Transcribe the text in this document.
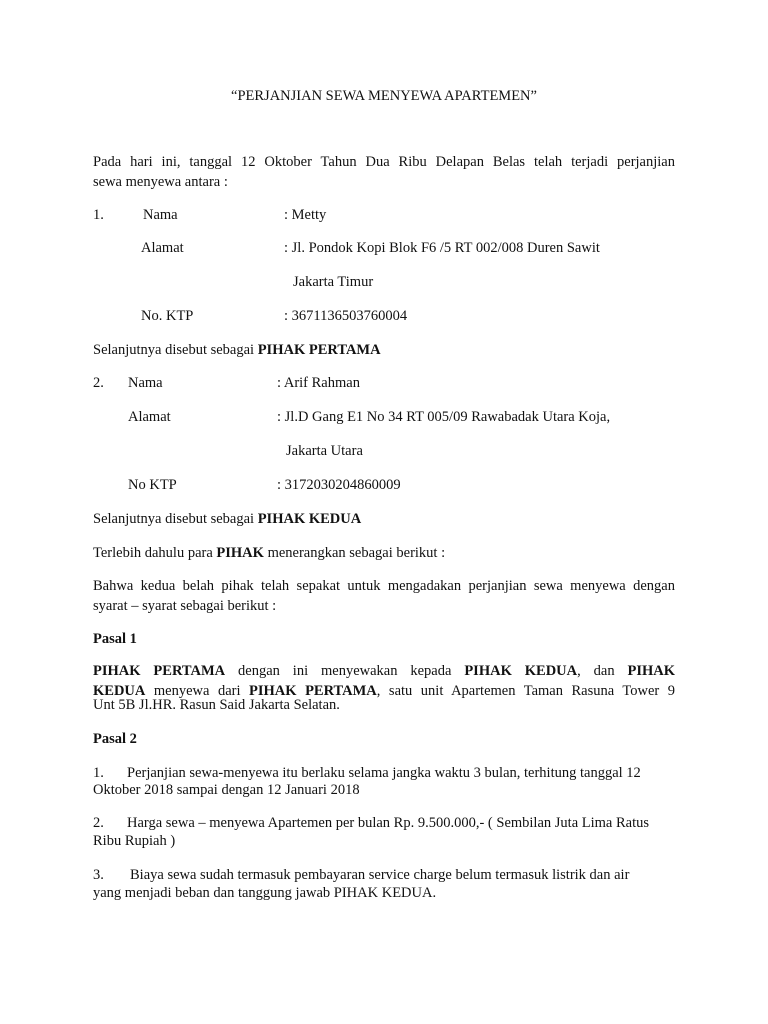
“PERJANJIAN SEWA MENYEWA APARTEMEN”
Pada hari ini, tanggal 12 Oktober Tahun Dua Ribu Delapan Belas telah terjadi perjanjian
sewa menyewa antara :
1.	Nama	: Metty
Alamat	: Jl. Pondok Kopi Blok F6 /5 RT 002/008 Duren Sawit
Jakarta Timur
No. KTP	: 3671136503760004
Selanjutnya disebut sebagai PIHAK PERTAMA
2. Nama	: Arif Rahman
Alamat	: Jl.D Gang E1 No 34 RT 005/09 Rawabadak Utara Koja,
Jakarta Utara
No KTP	: 3172030204860009
Selanjutnya disebut sebagai PIHAK KEDUA
Terlebih dahulu para PIHAK menerangkan sebagai berikut :
Bahwa kedua belah pihak telah sepakat untuk mengadakan perjanjian sewa menyewa dengan
syarat – syarat sebagai berikut :
Pasal 1
PIHAK PERTAMA dengan ini menyewakan kepada PIHAK KEDUA, dan PIHAK
KEDUA menyewa dari PIHAK PERTAMA, satu unit Apartemen Taman Rasuna Tower 9
Unt 5B Jl.HR. Rasun Said Jakarta Selatan.
Pasal 2
1. Perjanjian sewa-menyewa itu berlaku selama jangka waktu 3 bulan, terhitung tanggal 12
Oktober 2018 sampai dengan 12 Januari 2018
2. Harga sewa – menyewa Apartemen per bulan Rp. 9.500.000,- ( Sembilan Juta Lima Ratus
Ribu Rupiah )
3. Biaya sewa sudah termasuk pembayaran service charge belum termasuk listrik dan air
yang menjadi beban dan tanggung jawab PIHAK KEDUA.
